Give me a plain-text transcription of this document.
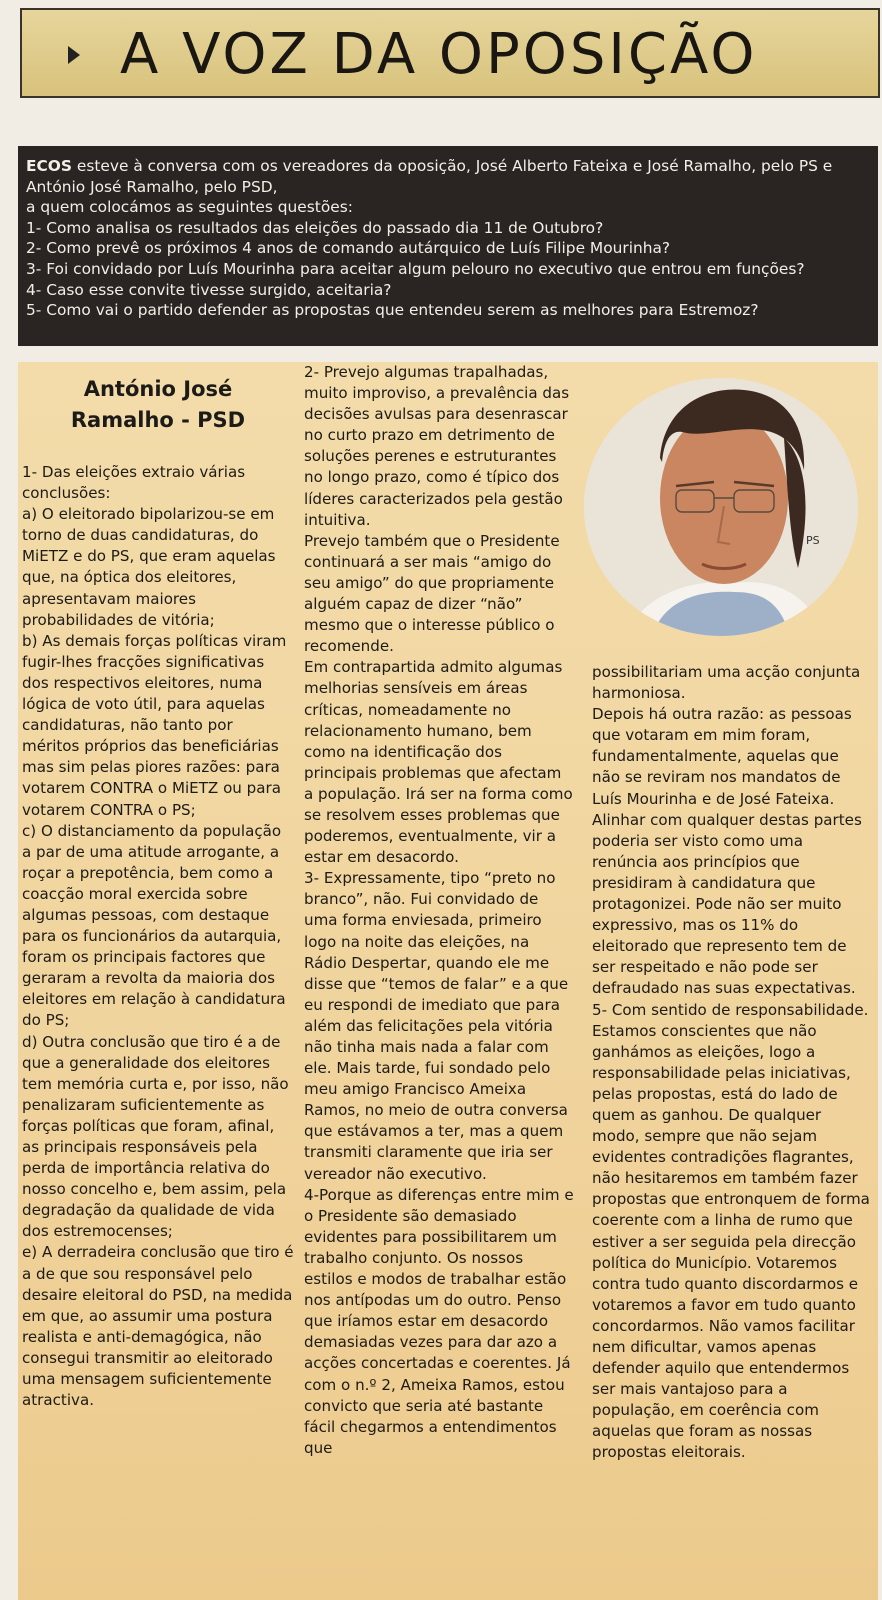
A VOZ DA OPOSIÇÃO

ECOS esteve à conversa com os vereadores da oposição, José Alberto Fateixa e José Ramalho, pelo PS e António José Ramalho, pelo PSD,

a quem colocámos as seguintes questões:

1- Como analisa os resultados das eleições do passado dia 11 de Outubro?

2- Como prevê os próximos 4 anos de comando autárquico de Luís Filipe Mourinha?

3- Foi convidado por Luís Mourinha para aceitar algum pelouro no executivo que entrou em funções?

4- Caso esse convite tivesse surgido, aceitaria?

5- Como vai o partido defender as propostas que entendeu serem as melhores para Estremoz?

António José
Ramalho - PSD

1- Das eleições extraio várias conclusões:

a) O eleitorado bipolarizou-se em torno de duas candidaturas, do MiETZ e do PS, que eram aquelas que, na óptica dos eleitores, apresentavam maiores probabilidades de vitória;

b) As demais forças políticas viram fugir-lhes fracções significativas dos respectivos eleitores, numa lógica de voto útil, para aquelas candidaturas, não tanto por méritos próprios das beneficiárias mas sim pelas piores razões: para votarem CONTRA o MiETZ ou para votarem CONTRA o PS;

c) O distanciamento da população a par de uma atitude arrogante, a roçar a prepotência, bem como a coacção moral exercida sobre algumas pessoas, com destaque para os funcionários da autarquia, foram os principais factores que geraram a revolta da maioria dos eleitores em relação à candidatura do PS;

d) Outra conclusão que tiro é a de que a generalidade dos eleitores tem memória curta e, por isso, não penalizaram suficientemente as forças políticas que foram, afinal, as principais responsáveis pela perda de importância relativa do nosso concelho e, bem assim, pela degradação da qualidade de vida dos estremocenses;

e) A derradeira conclusão que tiro é a de que sou responsável pelo desaire eleitoral do PSD, na medida em que, ao assumir uma postura realista e anti-demagógica, não consegui transmitir ao eleitorado uma mensagem suficientemente atractiva.

2- Prevejo algumas trapalhadas, muito improviso, a prevalência das decisões avulsas para desenrascar no curto prazo em detrimento de soluções perenes e estruturantes no longo prazo, como é típico dos líderes caracterizados pela gestão intuitiva.

Prevejo também que o Presidente continuará a ser mais “amigo do seu amigo” do que propriamente alguém capaz de dizer “não” mesmo que o interesse público o recomende.

Em contrapartida admito algumas melhorias sensíveis em áreas críticas, nomeadamente no relacionamento humano, bem como na identificação dos principais problemas que afectam a população. Irá ser na forma como se resolvem esses problemas que poderemos, eventualmente, vir a estar em desacordo.

3- Expressamente, tipo “preto no branco”, não. Fui convidado de uma forma enviesada, primeiro logo na noite das eleições, na Rádio Despertar, quando ele me disse que “temos de falar” e a que eu respondi de imediato que para além das felicitações pela vitória não tinha mais nada a falar com ele. Mais tarde, fui sondado pelo meu amigo Francisco Ameixa Ramos, no meio de outra conversa que estávamos a ter, mas a quem transmiti claramente que iria ser vereador não executivo.

4-Porque as diferenças entre mim e o Presidente são demasiado evidentes para possibilitarem um trabalho conjunto. Os nossos estilos e modos de trabalhar estão nos antípodas um do outro. Penso que iríamos estar em desacordo demasiadas vezes para dar azo a acções concertadas e coerentes. Já com o n.º 2, Ameixa Ramos, estou convicto que seria até bastante fácil chegarmos a entendimentos que

PS

possibilitariam uma acção conjunta harmoniosa.

Depois há outra razão: as pessoas que votaram em mim foram, fundamentalmente, aquelas que não se reviram nos mandatos de Luís Mourinha e de José Fateixa. Alinhar com qualquer destas partes poderia ser visto como uma renúncia aos princípios que presidiram à candidatura que protagonizei. Pode não ser muito expressivo, mas os 11% do eleitorado que represento tem de ser respeitado e não pode ser defraudado nas suas expectativas.

5- Com sentido de responsabilidade. Estamos conscientes que não ganhámos as eleições, logo a responsabilidade pelas iniciativas, pelas propostas, está do lado de quem as ganhou. De qualquer modo, sempre que não sejam evidentes contradições flagrantes, não hesitaremos em também fazer propostas que entronquem de forma coerente com a linha de rumo que estiver a ser seguida pela direcção política do Município. Votaremos contra tudo quanto discordarmos e votaremos a favor em tudo quanto concordarmos. Não vamos facilitar nem dificultar, vamos apenas defender aquilo que entendermos ser mais vantajoso para a população, em coerência com aquelas que foram as nossas propostas eleitorais.
